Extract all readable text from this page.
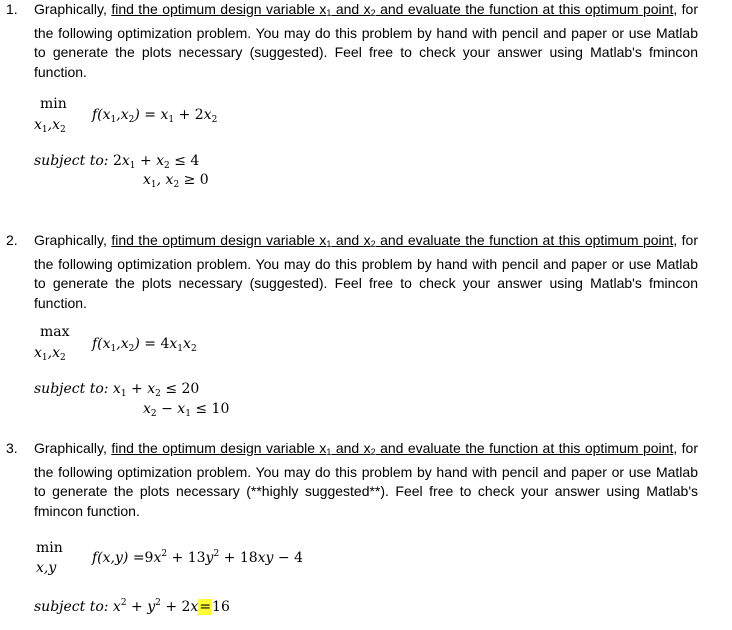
1. Graphically, find the optimum design variable $x_1$ and $x_2$ and evaluate the function at this optimum point, for the following optimization problem. You may do this problem by hand with pencil and paper or use Matlab to generate the plots necessary (suggested). Feel free to check your answer using Matlab's fmincon function.
min
$x_1,x_2$
$f(x_1,x_2) = x_1 + 2x_2$
subject to: $2x_1 + x_2 \le 4$
$x_1$, $x_2 \ge 0$
2. Graphically, find the optimum design variable $x_1$ and $x_2$ and evaluate the function at this optimum point, for the following optimization problem. You may do this problem by hand with pencil and paper or use Matlab to generate the plots necessary (suggested). Feel free to check your answer using Matlab's fmincon function.
max
$x_1,x_2$
$f(x_1,x_2) = 4x_1x_2$
subject to: $x_1 + x_2 \le 20$
$x_2 - x_1 \le 10$
3. Graphically, find the optimum design variable $x_1$ and $x_2$ and evaluate the function at this optimum point, for the following optimization problem. You may do this problem by hand with pencil and paper or use Matlab to generate the plots necessary (**highly suggested**). Feel free to check your answer using Matlab's fmincon function.
min
x,y
$f(x,y) =9x^2 + 13y^2 + 18xy - 4$
subject to: $x^2 + y^2 + 2x=16$
